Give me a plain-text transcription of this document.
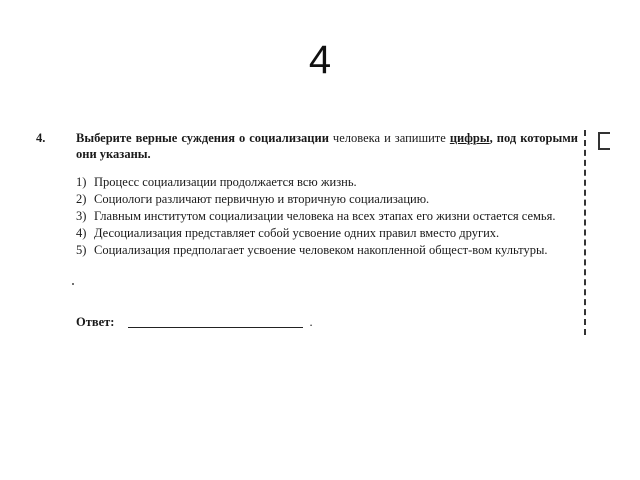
4
4. Выберите верные суждения о социализации человека и запишите цифры, под которыми они указаны.
1) Процесс социализации продолжается всю жизнь.
2) Социологи различают первичную и вторичную социализацию.
3) Главным институтом социализации человека на всех этапах его жизни остается семья.
4) Десоциализация представляет собой усвоение одних правил вместо других.
5) Социализация предполагает усвоение человеком накопленной общест-вом культуры.
Ответ:	.
